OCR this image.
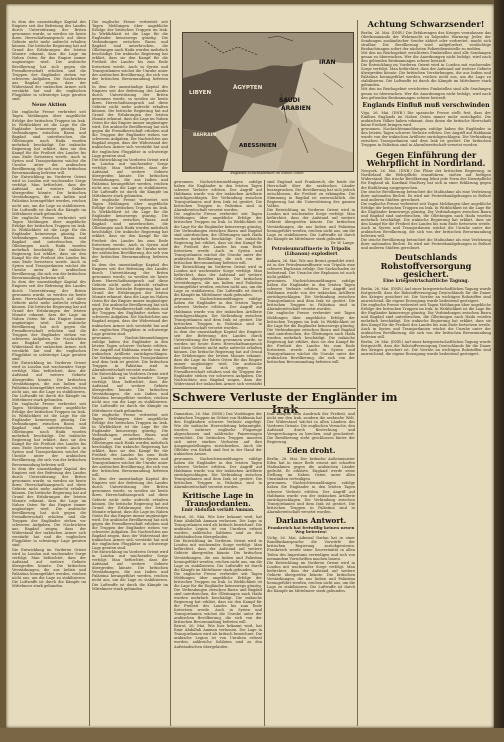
In dem der unzuständige Kapital des Empires seit der Befreiung des Landes durch Unterstützung der Briten gewonnen wurde, so werden sie heute ihren Herrschaftsanspruch auf diese Gebiete nicht mehr aufrecht erhalten können. Die britische Regierung hat auf Grund der Erfahrungen der letzten Monate erkannt, dass die Lage im Nahen Osten für das Empire immer ungünstiger wird. Die arabische Bevölkerung hat sich gegen die Fremdherrschaft erhoben und die Truppen der Engländer stehen vor schweren Aufgaben. Die Nachrichten aus Bagdad zeigen, dass der Widerstand der irakischen Armee sich verstärkt hat und die englischen Flugplätze in schwierige Lage geraten sind.

Neue Aktion

Die englische Presse verbreitet seit Tagen Meldungen über angebliche Erfolge der britischen Truppen im Irak. In Wirklichkeit ist die Lage für die Engländer keineswegs günstig. Die Verbindungen zwischen Basra und Bagdad sind unterbrochen, die Ölleitungen nach Haifa wurden mehrfach beschädigt. Die irakische Regierung hat erklärt, dass sie den Kampf für die Freiheit des Landes bis zum Ende fortsetzen werde. Auch in Syrien und Transjordanien wächst die Unruhe unter der arabischen Bevölkerung, die sich von der britischen Bevormundung befreien will.

Die Entwicklung im Vorderen Orient wird in London mit wachsender Sorge verfolgt. Man befürchtet, dass der Aufstand auf weitere Gebiete übergreifen könnte. Die britischen Verstärkungen, die aus Indien und Palästina herangeführt werden, reichen nicht aus, um die Lage zu stabilisieren. Die Luftwaffe ist durch die Kämpfe im Mittelmeer stark gebunden.

Die englische Presse verbreitet seit Tagen Meldungen über angebliche Erfolge der britischen Truppen im Irak. In Wirklichkeit ist die Lage für die Engländer keineswegs günstig. Die Verbindungen zwischen Basra und Bagdad sind unterbrochen, die Ölleitungen nach Haifa wurden mehrfach beschädigt. Die irakische Regierung hat erklärt, dass sie den Kampf für die Freiheit des Landes bis zum Ende fortsetzen werde. Auch in Syrien und Transjordanien wächst die Unruhe unter der arabischen Bevölkerung, die sich von der britischen Bevormundung befreien will.

In dem der unzuständige Kapital des Empires seit der Befreiung des Landes durch Unterstützung der Briten gewonnen wurde, so werden sie heute ihren Herrschaftsanspruch auf diese Gebiete nicht mehr aufrecht erhalten können. Die britische Regierung hat auf Grund der Erfahrungen der letzten Monate erkannt, dass die Lage im Nahen Osten für das Empire immer ungünstiger wird. Die arabische Bevölkerung hat sich gegen die Fremdherrschaft erhoben und die Truppen der Engländer stehen vor schweren Aufgaben. Die Nachrichten aus Bagdad zeigen, dass der Widerstand der irakischen Armee sich verstärkt hat und die englischen Flugplätze in schwierige Lage geraten sind.

Die Entwicklung im Vorderen Orient wird in London mit wachsender Sorge verfolgt. Man befürchtet, dass der Aufstand auf weitere Gebiete übergreifen könnte. Die britischen Verstärkungen, die aus Indien und Palästina herangeführt werden, reichen nicht aus, um die Lage zu stabilisieren. Die Luftwaffe ist durch die Kämpfe im Mittelmeer stark gebunden.

Die englische Presse verbreitet seit Tagen Meldungen über angebliche Erfolge der britischen Truppen im Irak. In Wirklichkeit ist die Lage für die Engländer keineswegs günstig. Die Verbindungen zwischen Basra und Bagdad sind unterbrochen, die Ölleitungen nach Haifa wurden mehrfach beschädigt. Die irakische Regierung hat erklärt, dass sie den Kampf für die Freiheit des Landes bis zum Ende fortsetzen werde. Auch in Syrien und Transjordanien wächst die Unruhe unter der arabischen Bevölkerung, die sich von der britischen Bevormundung befreien will.

In dem der unzuständige Kapital des Empires seit der Befreiung des Landes durch Unterstützung der Briten gewonnen wurde, so werden sie heute ihren Herrschaftsanspruch auf diese Gebiete nicht mehr aufrecht erhalten können. Die britische Regierung hat auf Grund der Erfahrungen der letzten Monate erkannt, dass die Lage im Nahen Osten für das Empire immer ungünstiger wird. Die arabische Bevölkerung hat sich gegen die Fremdherrschaft erhoben und die Truppen der Engländer stehen vor schweren Aufgaben. Die Nachrichten aus Bagdad zeigen, dass der Widerstand der irakischen Armee sich verstärkt hat und die englischen Flugplätze in schwierige Lage geraten sind.

Die Entwicklung im Vorderen Orient wird in London mit wachsender Sorge verfolgt. Man befürchtet, dass der Aufstand auf weitere Gebiete übergreifen könnte. Die britischen Verstärkungen, die aus Indien und Palästina herangeführt werden, reichen nicht aus, um die Lage zu stabilisieren. Die Luftwaffe ist durch die Kämpfe im Mittelmeer stark gebunden.

Die englische Presse verbreitet seit Tagen Meldungen über angebliche Erfolge der britischen Truppen im Irak. In Wirklichkeit ist die Lage für die Engländer keineswegs günstig. Die Verbindungen zwischen Basra und Bagdad sind unterbrochen, die Ölleitungen nach Haifa wurden mehrfach beschädigt. Die irakische Regierung hat erklärt, dass sie den Kampf für die Freiheit des Landes bis zum Ende fortsetzen werde. Auch in Syrien und Transjordanien wächst die Unruhe unter der arabischen Bevölkerung, die sich von der britischen Bevormundung befreien will.

In dem der unzuständige Kapital des Empires seit der Befreiung des Landes durch Unterstützung der Briten gewonnen wurde, so werden sie heute ihren Herrschaftsanspruch auf diese Gebiete nicht mehr aufrecht erhalten können. Die britische Regierung hat auf Grund der Erfahrungen der letzten Monate erkannt, dass die Lage im Nahen Osten für das Empire immer ungünstiger wird. Die arabische Bevölkerung hat sich gegen die Fremdherrschaft erhoben und die Truppen der Engländer stehen vor schweren Aufgaben. Die Nachrichten aus Bagdad zeigen, dass der Widerstand der irakischen Armee sich verstärkt hat und die englischen Flugplätze in schwierige Lage geraten sind.

Die Entwicklung im Vorderen Orient wird in London mit wachsender Sorge verfolgt. Man befürchtet, dass der Aufstand auf weitere Gebiete übergreifen könnte. Die britischen Verstärkungen, die aus Indien und Palästina herangeführt werden, reichen nicht aus, um die Lage zu stabilisieren. Die Luftwaffe ist durch die Kämpfe im Mittelmeer stark gebunden.

Die englische Presse verbreitet seit Tagen Meldungen über angebliche Erfolge der britischen Truppen im Irak. In Wirklichkeit ist die Lage für die Engländer keineswegs günstig. Die Verbindungen zwischen Basra und Bagdad sind unterbrochen, die Ölleitungen nach Haifa wurden mehrfach beschädigt. Die irakische Regierung hat erklärt, dass sie den Kampf für die Freiheit des Landes bis zum Ende fortsetzen werde. Auch in Syrien und Transjordanien wächst die Unruhe unter der arabischen Bevölkerung, die sich von der britischen Bevormundung befreien will.

In dem der unzuständige Kapital des Empires seit der Befreiung des Landes durch Unterstützung der Briten gewonnen wurde, so werden sie heute ihren Herrschaftsanspruch auf diese Gebiete nicht mehr aufrecht erhalten können. Die britische Regierung hat auf Grund der Erfahrungen der letzten Monate erkannt, dass die Lage im Nahen Osten für das Empire immer ungünstiger wird. Die arabische Bevölkerung hat sich gegen die Fremdherrschaft erhoben und die Truppen der Engländer stehen vor schweren Aufgaben. Die Nachrichten aus Bagdad zeigen, dass der Widerstand der irakischen Armee sich verstärkt hat und die englischen Flugplätze in schwierige Lage geraten sind.

gewonnen. Nachrichtenmeldungen zufolge haben die Engländer in den letzten Tagen schwere Verluste erlitten. Der Angriff auf Habbania wurde von der irakischen Artillerie zurückgeschlagen. Die Verbindung zwischen Transjordanien und dem Irak ist gestört. Die britischen Truppen in Palästina sind in Alarmbereitschaft versetzt worden.

Die Entwicklung im Vorderen Orient wird in London mit wachsender Sorge verfolgt. Man befürchtet, dass der Aufstand auf weitere Gebiete übergreifen könnte. Die britischen Verstärkungen, die aus Indien und Palästina herangeführt werden, reichen nicht aus, um die Lage zu stabilisieren. Die Luftwaffe ist durch die Kämpfe im Mittelmeer stark gebunden.

Die englische Presse verbreitet seit Tagen Meldungen über angebliche Erfolge der britischen Truppen im Irak. In Wirklichkeit ist die Lage für die Engländer keineswegs günstig. Die Verbindungen zwischen Basra und Bagdad sind unterbrochen, die Ölleitungen nach Haifa wurden mehrfach beschädigt. Die irakische Regierung hat erklärt, dass sie den Kampf für die Freiheit des Landes bis zum Ende fortsetzen werde. Auch in Syrien und Transjordanien wächst die Unruhe unter der arabischen Bevölkerung, die sich von der britischen Bevormundung befreien will.

In dem der unzuständige Kapital des Empires seit der Befreiung des Landes durch Unterstützung der Briten gewonnen wurde, so werden sie heute ihren Herrschaftsanspruch auf diese Gebiete nicht mehr aufrecht erhalten können. Die britische Regierung hat auf Grund der Erfahrungen der letzten Monate erkannt, dass die Lage im Nahen Osten für das Empire immer ungünstiger wird. Die arabische Bevölkerung hat sich gegen die Fremdherrschaft erhoben und die Truppen der Engländer stehen vor schweren Aufgaben. Die Nachrichten aus Bagdad zeigen, dass der Widerstand der irakischen Armee sich verstärkt hat und die englischen Flugplätze in schwierige Lage geraten sind.

Die Entwicklung im Vorderen Orient wird in London mit wachsender Sorge verfolgt. Man befürchtet, dass der Aufstand auf weitere Gebiete übergreifen könnte. Die britischen Verstärkungen, die aus Indien und Palästina herangeführt werden, reichen nicht aus, um die Lage zu stabilisieren. Die Luftwaffe ist durch die Kämpfe im Mittelmeer stark gebunden.

IRAN
LIBYEN
ÄGYPTEN
SAUDI
ARABIEN
ABESSINIEN
BAHRAIN
Englands Schicksalsraum im Nahen Osten

gewonnen. Nachrichtenmeldungen zufolge haben die Engländer in den letzten Tagen schwere Verluste erlitten. Der Angriff auf Habbania wurde von der irakischen Artillerie zurückgeschlagen. Die Verbindung zwischen Transjordanien und dem Irak ist gestört. Die britischen Truppen in Palästina sind in Alarmbereitschaft versetzt worden.

Die englische Presse verbreitet seit Tagen Meldungen über angebliche Erfolge der britischen Truppen im Irak. In Wirklichkeit ist die Lage für die Engländer keineswegs günstig. Die Verbindungen zwischen Basra und Bagdad sind unterbrochen, die Ölleitungen nach Haifa wurden mehrfach beschädigt. Die irakische Regierung hat erklärt, dass sie den Kampf für die Freiheit des Landes bis zum Ende fortsetzen werde. Auch in Syrien und Transjordanien wächst die Unruhe unter der arabischen Bevölkerung, die sich von der britischen Bevormundung befreien will.

Die Entwicklung im Vorderen Orient wird in London mit wachsender Sorge verfolgt. Man befürchtet, dass der Aufstand auf weitere Gebiete übergreifen könnte. Die britischen Verstärkungen, die aus Indien und Palästina herangeführt werden, reichen nicht aus, um die Lage zu stabilisieren. Die Luftwaffe ist durch die Kämpfe im Mittelmeer stark gebunden.

gewonnen. Nachrichtenmeldungen zufolge haben die Engländer in den letzten Tagen schwere Verluste erlitten. Der Angriff auf Habbania wurde von der irakischen Artillerie zurückgeschlagen. Die Verbindung zwischen Transjordanien und dem Irak ist gestört. Die britischen Truppen in Palästina sind in Alarmbereitschaft versetzt worden.

In dem der unzuständige Kapital des Empires seit der Befreiung des Landes durch Unterstützung der Briten gewonnen wurde, so werden sie heute ihren Herrschaftsanspruch auf diese Gebiete nicht mehr aufrecht erhalten können. Die britische Regierung hat auf Grund der Erfahrungen der letzten Monate erkannt, dass die Lage im Nahen Osten für das Empire immer ungünstiger wird. Die arabische Bevölkerung hat sich gegen die Fremdherrschaft erhoben und die Truppen der Engländer stehen vor schweren Aufgaben. Die Nachrichten aus Bagdad zeigen, dass der Widerstand der irakischen Armee sich verstärkt

sind England und Frankreich, die beide die Herrschaft über die arabischen Länder beanspruchen. Die Bevölkerung hat sich jedoch entschlossen, die Freiheit zu erkämpfen. Die Stimmung in Bagdad ist zuversichtlich, die Regierung hat die Unterstützung des ganzen Volkes.

Die Entwicklung im Vorderen Orient wird in London mit wachsender Sorge verfolgt. Man befürchtet, dass der Aufstand auf weitere Gebiete übergreifen könnte. Die britischen Verstärkungen, die aus Indien und Palästina herangeführt werden, reichen nicht aus, um die Lage zu stabilisieren. Die Luftwaffe ist durch die Kämpfe im Mittelmeer stark gebunden.

Dr. W. Lange.

Petroleumraffinerie in Tripolis (Libanon) explodiert

Ankara, 26. Mai. Wie aus Beirut gemeldet wird, ist in der Petroleumraffinerie von Tripolis eine schwere Explosion erfolgt. Der Sachschaden ist bedeutend. Die Ursache der Explosion ist noch nicht geklärt.

gewonnen. Nachrichtenmeldungen zufolge haben die Engländer in den letzten Tagen schwere Verluste erlitten. Der Angriff auf Habbania wurde von der irakischen Artillerie zurückgeschlagen. Die Verbindung zwischen Transjordanien und dem Irak ist gestört. Die britischen Truppen in Palästina sind in Alarmbereitschaft versetzt worden.

Die englische Presse verbreitet seit Tagen Meldungen über angebliche Erfolge der britischen Truppen im Irak. In Wirklichkeit ist die Lage für die Engländer keineswegs günstig. Die Verbindungen zwischen Basra und Bagdad sind unterbrochen, die Ölleitungen nach Haifa wurden mehrfach beschädigt. Die irakische Regierung hat erklärt, dass sie den Kampf für die Freiheit des Landes bis zum Ende fortsetzen werde. Auch in Syrien und Transjordanien wächst die Unruhe unter der arabischen Bevölkerung, die sich von der britischen Bevormundung befreien will.

Achtung Schwarzsender!

Berlin, 26. Mai. (DNB.) Die Erfahrungen des Krieges veranlassen das Oberkommando der Wehrmacht zu folgender Warnung: Jeder, der Sendungen ausländischer Sender abhört oder verbreitet, macht sich strafbar. Die Bevölkerung wird aufgefordert, verdächtige Beobachtungen sofort der nächsten Polizeidienststelle zu melden.

Mit den im Reichsgebiet errichteten Funkstellen sind alle Sendungen genau zu überwachen. Wer die Anordnungen nicht befolgt, wird nach den geltenden Bestimmungen schwer bestraft.

Die Entwicklung im Vorderen Orient wird in London mit wachsender Sorge verfolgt. Man befürchtet, dass der Aufstand auf weitere Gebiete übergreifen könnte. Die britischen Verstärkungen, die aus Indien und Palästina herangeführt werden, reichen nicht aus, um die Lage zu stabilisieren. Die Luftwaffe ist durch die Kämpfe im Mittelmeer stark gebunden.

Mit den im Reichsgebiet errichteten Funkstellen sind alle Sendungen genau zu überwachen. Wer die Anordnungen nicht befolgt, wird nach den geltenden Bestimmungen schwer bestraft.

Englands Einfluß muß verschwinden

Vigo, 26. Mai. (DNB.) Die spanische Presse stellt fest, dass der Einfluss Englands im Nahen Osten immer mehr zurückgeht. Die arabischen Völker haben erkannt, dass ihnen die britische Herrschaft keine Freiheit bringen wird.

gewonnen. Nachrichtenmeldungen zufolge haben die Engländer in den letzten Tagen schwere Verluste erlitten. Der Angriff auf Habbania wurde von der irakischen Artillerie zurückgeschlagen. Die Verbindung zwischen Transjordanien und dem Irak ist gestört. Die britischen Truppen in Palästina sind in Alarmbereitschaft versetzt worden.

Gegen Einführung der Wehrpflicht in Nordirland.

Neuyork, 26. Mai. (DNB.) Die Pläne der britischen Regierung, in Nordirland die Wehrpflicht einzuführen, stoßen auf heftigen Widerstand. Die irische Bevölkerung lehnt jede Form der Dienstpflicht für England ab. Kardinal MacRory hat sich in einer Erklärung gegen die Einführung ausgesprochen.

Die irische Bevölkerung betrachtet die Maßnahme als eine Verletzung ihrer nationalen Rechte. Es wird mit Protestkundgebungen in Belfast und anderen Städten gerechnet.

Die englische Presse verbreitet seit Tagen Meldungen über angebliche Erfolge der britischen Truppen im Irak. In Wirklichkeit ist die Lage für die Engländer keineswegs günstig. Die Verbindungen zwischen Basra und Bagdad sind unterbrochen, die Ölleitungen nach Haifa wurden mehrfach beschädigt. Die irakische Regierung hat erklärt, dass sie den Kampf für die Freiheit des Landes bis zum Ende fortsetzen werde. Auch in Syrien und Transjordanien wächst die Unruhe unter der arabischen Bevölkerung, die sich von der britischen Bevormundung befreien will.

Die irische Bevölkerung betrachtet die Maßnahme als eine Verletzung ihrer nationalen Rechte. Es wird mit Protestkundgebungen in Belfast und anderen Städten gerechnet.

Deutschlands Rohstoffversorgung gesichert.

Eine kriegswirtschaftliche Tagung.

Berlin, 26. Mai. (DNB.) Auf einer kriegswirtschaftlichen Tagung wurde festgestellt, dass die Rohstoffversorgung Deutschlands für die Dauer des Krieges gesichert ist. Die Vorräte an wichtigen Rohstoffen sind ausreichend, die eigene Erzeugung wurde bedeutend gesteigert.

Die englische Presse verbreitet seit Tagen Meldungen über angebliche Erfolge der britischen Truppen im Irak. In Wirklichkeit ist die Lage für die Engländer keineswegs günstig. Die Verbindungen zwischen Basra und Bagdad sind unterbrochen, die Ölleitungen nach Haifa wurden mehrfach beschädigt. Die irakische Regierung hat erklärt, dass sie den Kampf für die Freiheit des Landes bis zum Ende fortsetzen werde. Auch in Syrien und Transjordanien wächst die Unruhe unter der arabischen Bevölkerung, die sich von der britischen Bevormundung befreien will.

Berlin, 26. Mai. (DNB.) Auf einer kriegswirtschaftlichen Tagung wurde festgestellt, dass die Rohstoffversorgung Deutschlands für die Dauer des Krieges gesichert ist. Die Vorräte an wichtigen Rohstoffen sind ausreichend, die eigene Erzeugung wurde bedeutend gesteigert.

Schwere Verluste der Engländer im Irak

Damaskus, 26. Mai. (DNB.) Das Vordringen der irakischen Truppen im Gebiet von Habbania hat den Engländern schwere Verluste zugefügt. Wie die irakische Heeresleitung bekanntgibt, wurden mehrere englische Flugzeuge abgeschossen und zahlreiche Panzerwagen vernichtet. Die britischen Truppen mussten sich unter starken Verlusten auf ihre Ausgangsstellungen zurückziehen. Auch die Ölfelder von Kirkuk sind fest in der Hand der irakischen Armee.

gewonnen. Nachrichtenmeldungen zufolge haben die Engländer in den letzten Tagen schwere Verluste erlitten. Der Angriff auf Habbania wurde von der irakischen Artillerie zurückgeschlagen. Die Verbindung zwischen Transjordanien und dem Irak ist gestört. Die britischen Truppen in Palästina sind in Alarmbereitschaft versetzt worden.

Kritische Lage in Transjordanien.

Emir Abdullah verläßt Amman.

Beirut, 26. Mai. Wie hier bekannt wird, hat Emir Abdullah Amman verlassen. Die Lage in Transjordanien wird als kritisch bezeichnet. Die arabische Legion ist von Unruhen erfasst worden, zahlreiche Soldaten sind zu den Aufständischen übergelaufen.

Die Entwicklung im Vorderen Orient wird in London mit wachsender Sorge verfolgt. Man befürchtet, dass der Aufstand auf weitere Gebiete übergreifen könnte. Die britischen Verstärkungen, die aus Indien und Palästina herangeführt werden, reichen nicht aus, um die Lage zu stabilisieren. Die Luftwaffe ist durch die Kämpfe im Mittelmeer stark gebunden.

Die englische Presse verbreitet seit Tagen Meldungen über angebliche Erfolge der britischen Truppen im Irak. In Wirklichkeit ist die Lage für die Engländer keineswegs günstig. Die Verbindungen zwischen Basra und Bagdad sind unterbrochen, die Ölleitungen nach Haifa wurden mehrfach beschädigt. Die irakische Regierung hat erklärt, dass sie den Kampf für die Freiheit des Landes bis zum Ende fortsetzen werde. Auch in Syrien und Transjordanien wächst die Unruhe unter der arabischen Bevölkerung, die sich von der britischen Bevormundung befreien will.

Beirut, 26. Mai. Wie hier bekannt wird, hat Emir Abdullah Amman verlassen. Die Lage in Transjordanien wird als kritisch bezeichnet. Die arabische Legion ist von Unruhen erfasst worden, zahlreiche Soldaten sind zu den Aufständischen übergelaufen.

Irak kämpfte zum Ausdruck der Freiheit, und nicht nur den Irak, sondern die arabische Welt. Der Widerstand wächst in allen Ländern des Vorderen Orients. Die englischen Versuche, den Aufstand durch Bestechung und Versprechungen zu brechen, sind gescheitert. Die Bevölkerung steht geschlossen hinter der Regierung.

Eden droht.

Berlin, 26. Mai. Der britische Außenminister Eden hat in einer Rede erneut mit scharfen Maßnahmen gegen die arabischen Länder gedroht. Er erklärte, England werde seine Stellung im Nahen Osten unter allen Umständen verteidigen.

gewonnen. Nachrichtenmeldungen zufolge haben die Engländer in den letzten Tagen schwere Verluste erlitten. Der Angriff auf Habbania wurde von der irakischen Artillerie zurückgeschlagen. Die Verbindung zwischen Transjordanien und dem Irak ist gestört. Die britischen Truppen in Palästina sind in Alarmbereitschaft versetzt worden.

Darlans Antwort.

Frankreich hat freiwillig keinen neuen Weg betreten!

Vichy, 26. Mai. Admiral Darlan hat in einer Rundfunkansprache die Vorwürfe der britischen Regierung zurückgewiesen. Frankreich werde seine Souveränität in allen Teilen des Imperiums verteidigen und sich von niemandem Vorschriften machen lassen.

Die Entwicklung im Vorderen Orient wird in London mit wachsender Sorge verfolgt. Man befürchtet, dass der Aufstand auf weitere Gebiete übergreifen könnte. Die britischen Verstärkungen, die aus Indien und Palästina herangeführt werden, reichen nicht aus, um die Lage zu stabilisieren. Die Luftwaffe ist durch die Kämpfe im Mittelmeer stark gebunden.
